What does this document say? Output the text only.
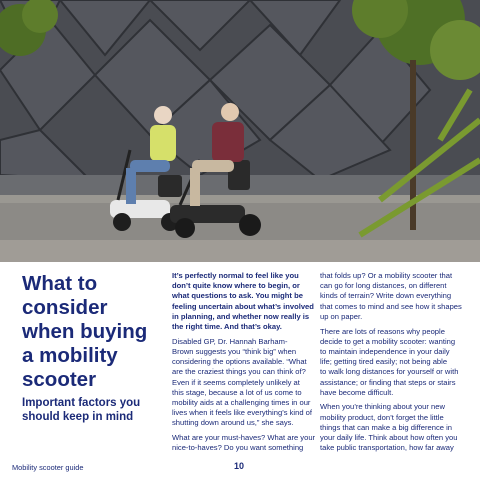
What to
consider
when buying
a mobility
scooter
Important factors you
should keep in mind
It’s perfectly normal to feel like you
don’t quite know where to begin, or
what questions to ask. You might be
feeling uncertain about what’s involved
in planning, and whether now really is
the right time. And that’s okay.
Disabled GP, Dr. Hannah Barham-
Brown suggests you “think big” when
considering the options available. “What
are the craziest things you can think of?
Even if it seems completely unlikely at
this stage, because a lot of us come to
mobility aids at a challenging times in our
lives when it feels like everything’s kind of
shutting down around us,” she says.
What are your must-haves? What are your
nice-to-haves? Do you want something
that folds up? Or a mobility scooter that
can go for long distances, on different
kinds of terrain? Write down everything
that comes to mind and see how it shapes
up on paper.
There are lots of reasons why people
decide to get a mobility scooter: wanting
to maintain independence in your daily
life; getting tired easily; not being able
to walk long distances for yourself or with
assistance; or finding that steps or stairs
have become difficult.
When you’re thinking about your new
mobility product, don’t forget the little
things that can make a big difference in
your daily life. Think about how often you
take public transportation, how far away
Mobility scooter guide	10
